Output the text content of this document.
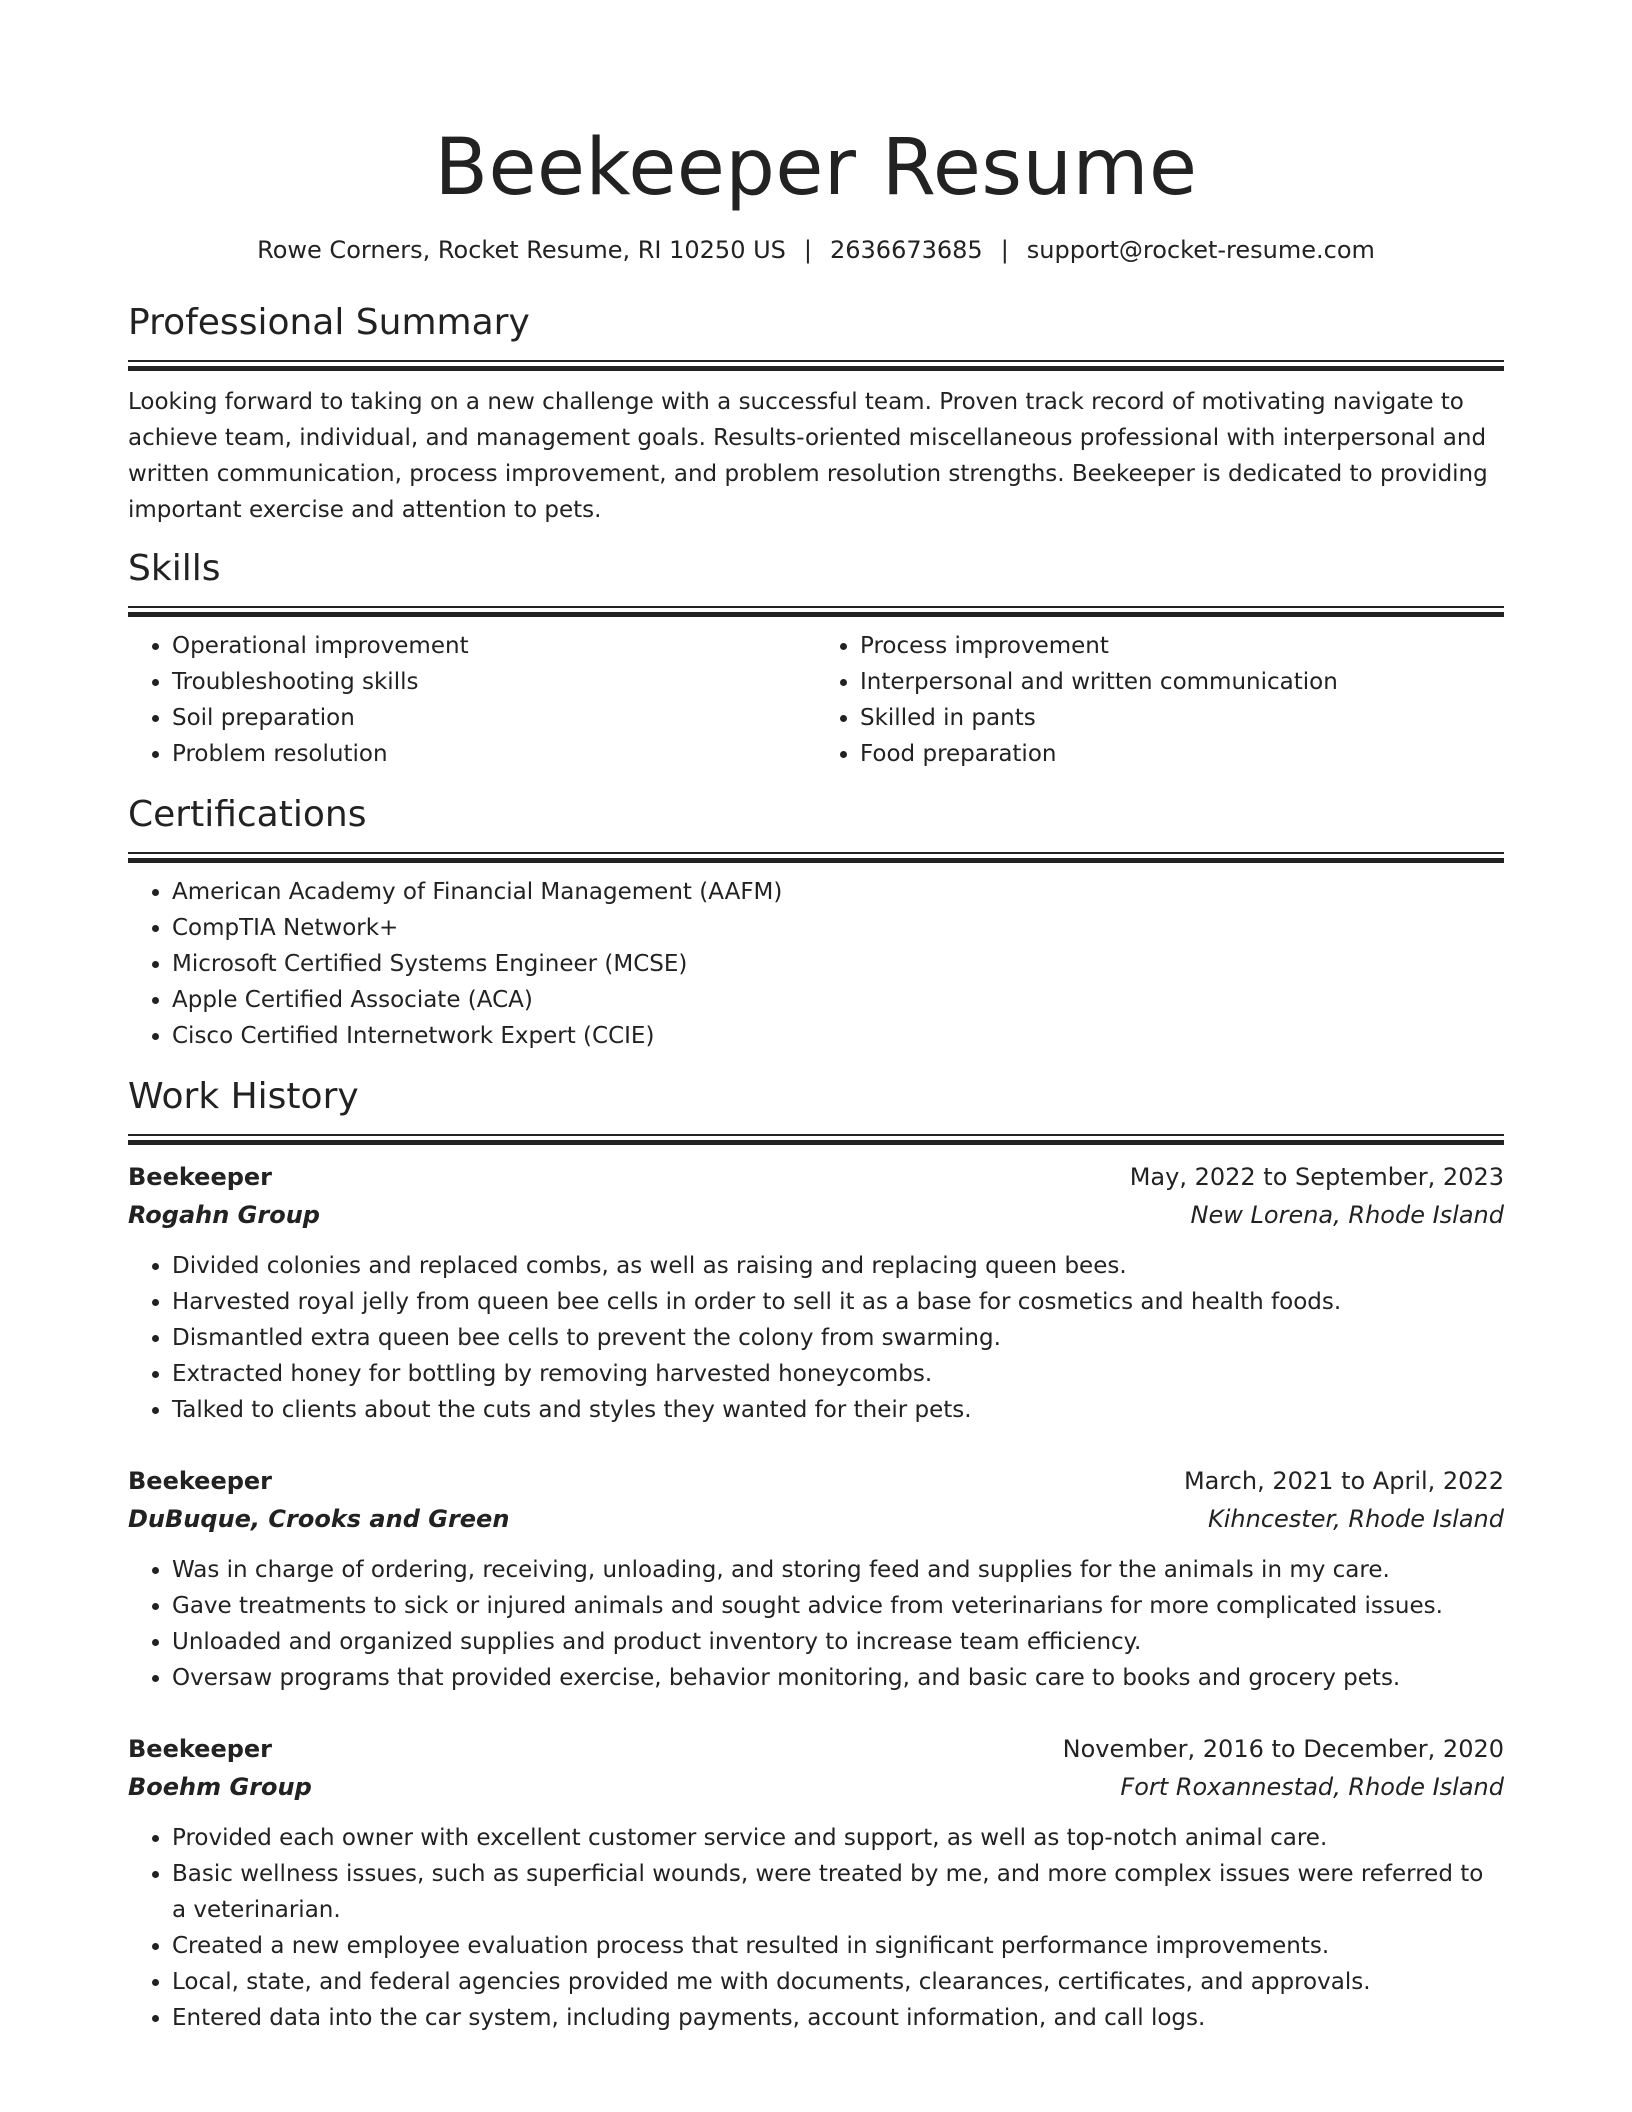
Beekeeper Resume
Rowe Corners, Rocket Resume, RI 10250 US | 2636673685 | support@rocket-resume.com
Professional Summary

Looking forward to taking on a new challenge with a successful team. Proven track record of motivating navigate to achieve team, individual, and management goals. Results-oriented miscellaneous professional with interpersonal and written communication, process improvement, and problem resolution strengths. Beekeeper is dedicated to providing important exercise and attention to pets.

Skills
• Operational improvement
• Troubleshooting skills
• Soil preparation
• Problem resolution
• Process improvement
• Interpersonal and written communication
• Skilled in pants
• Food preparation
Certifications
• American Academy of Financial Management (AAFM)
• CompTIA Network+
• Microsoft Certified Systems Engineer (MCSE)
• Apple Certified Associate (ACA)
• Cisco Certified Internetwork Expert (CCIE)
Work History
Beekeeper	May, 2022 to September, 2023
Rogahn Group	New Lorena, Rhode Island
• Divided colonies and replaced combs, as well as raising and replacing queen bees.
• Harvested royal jelly from queen bee cells in order to sell it as a base for cosmetics and health foods.
• Dismantled extra queen bee cells to prevent the colony from swarming.
• Extracted honey for bottling by removing harvested honeycombs.
• Talked to clients about the cuts and styles they wanted for their pets.
Beekeeper	March, 2021 to April, 2022
DuBuque, Crooks and Green	Kihncester, Rhode Island
• Was in charge of ordering, receiving, unloading, and storing feed and supplies for the animals in my care.
• Gave treatments to sick or injured animals and sought advice from veterinarians for more complicated issues.
• Unloaded and organized supplies and product inventory to increase team efficiency.
• Oversaw programs that provided exercise, behavior monitoring, and basic care to books and grocery pets.
Beekeeper	November, 2016 to December, 2020
Boehm Group	Fort Roxannestad, Rhode Island
• Provided each owner with excellent customer service and support, as well as top-notch animal care.
• Basic wellness issues, such as superficial wounds, were treated by me, and more complex issues were referred to a veterinarian.
• Created a new employee evaluation process that resulted in significant performance improvements.
• Local, state, and federal agencies provided me with documents, clearances, certificates, and approvals.
• Entered data into the car system, including payments, account information, and call logs.
